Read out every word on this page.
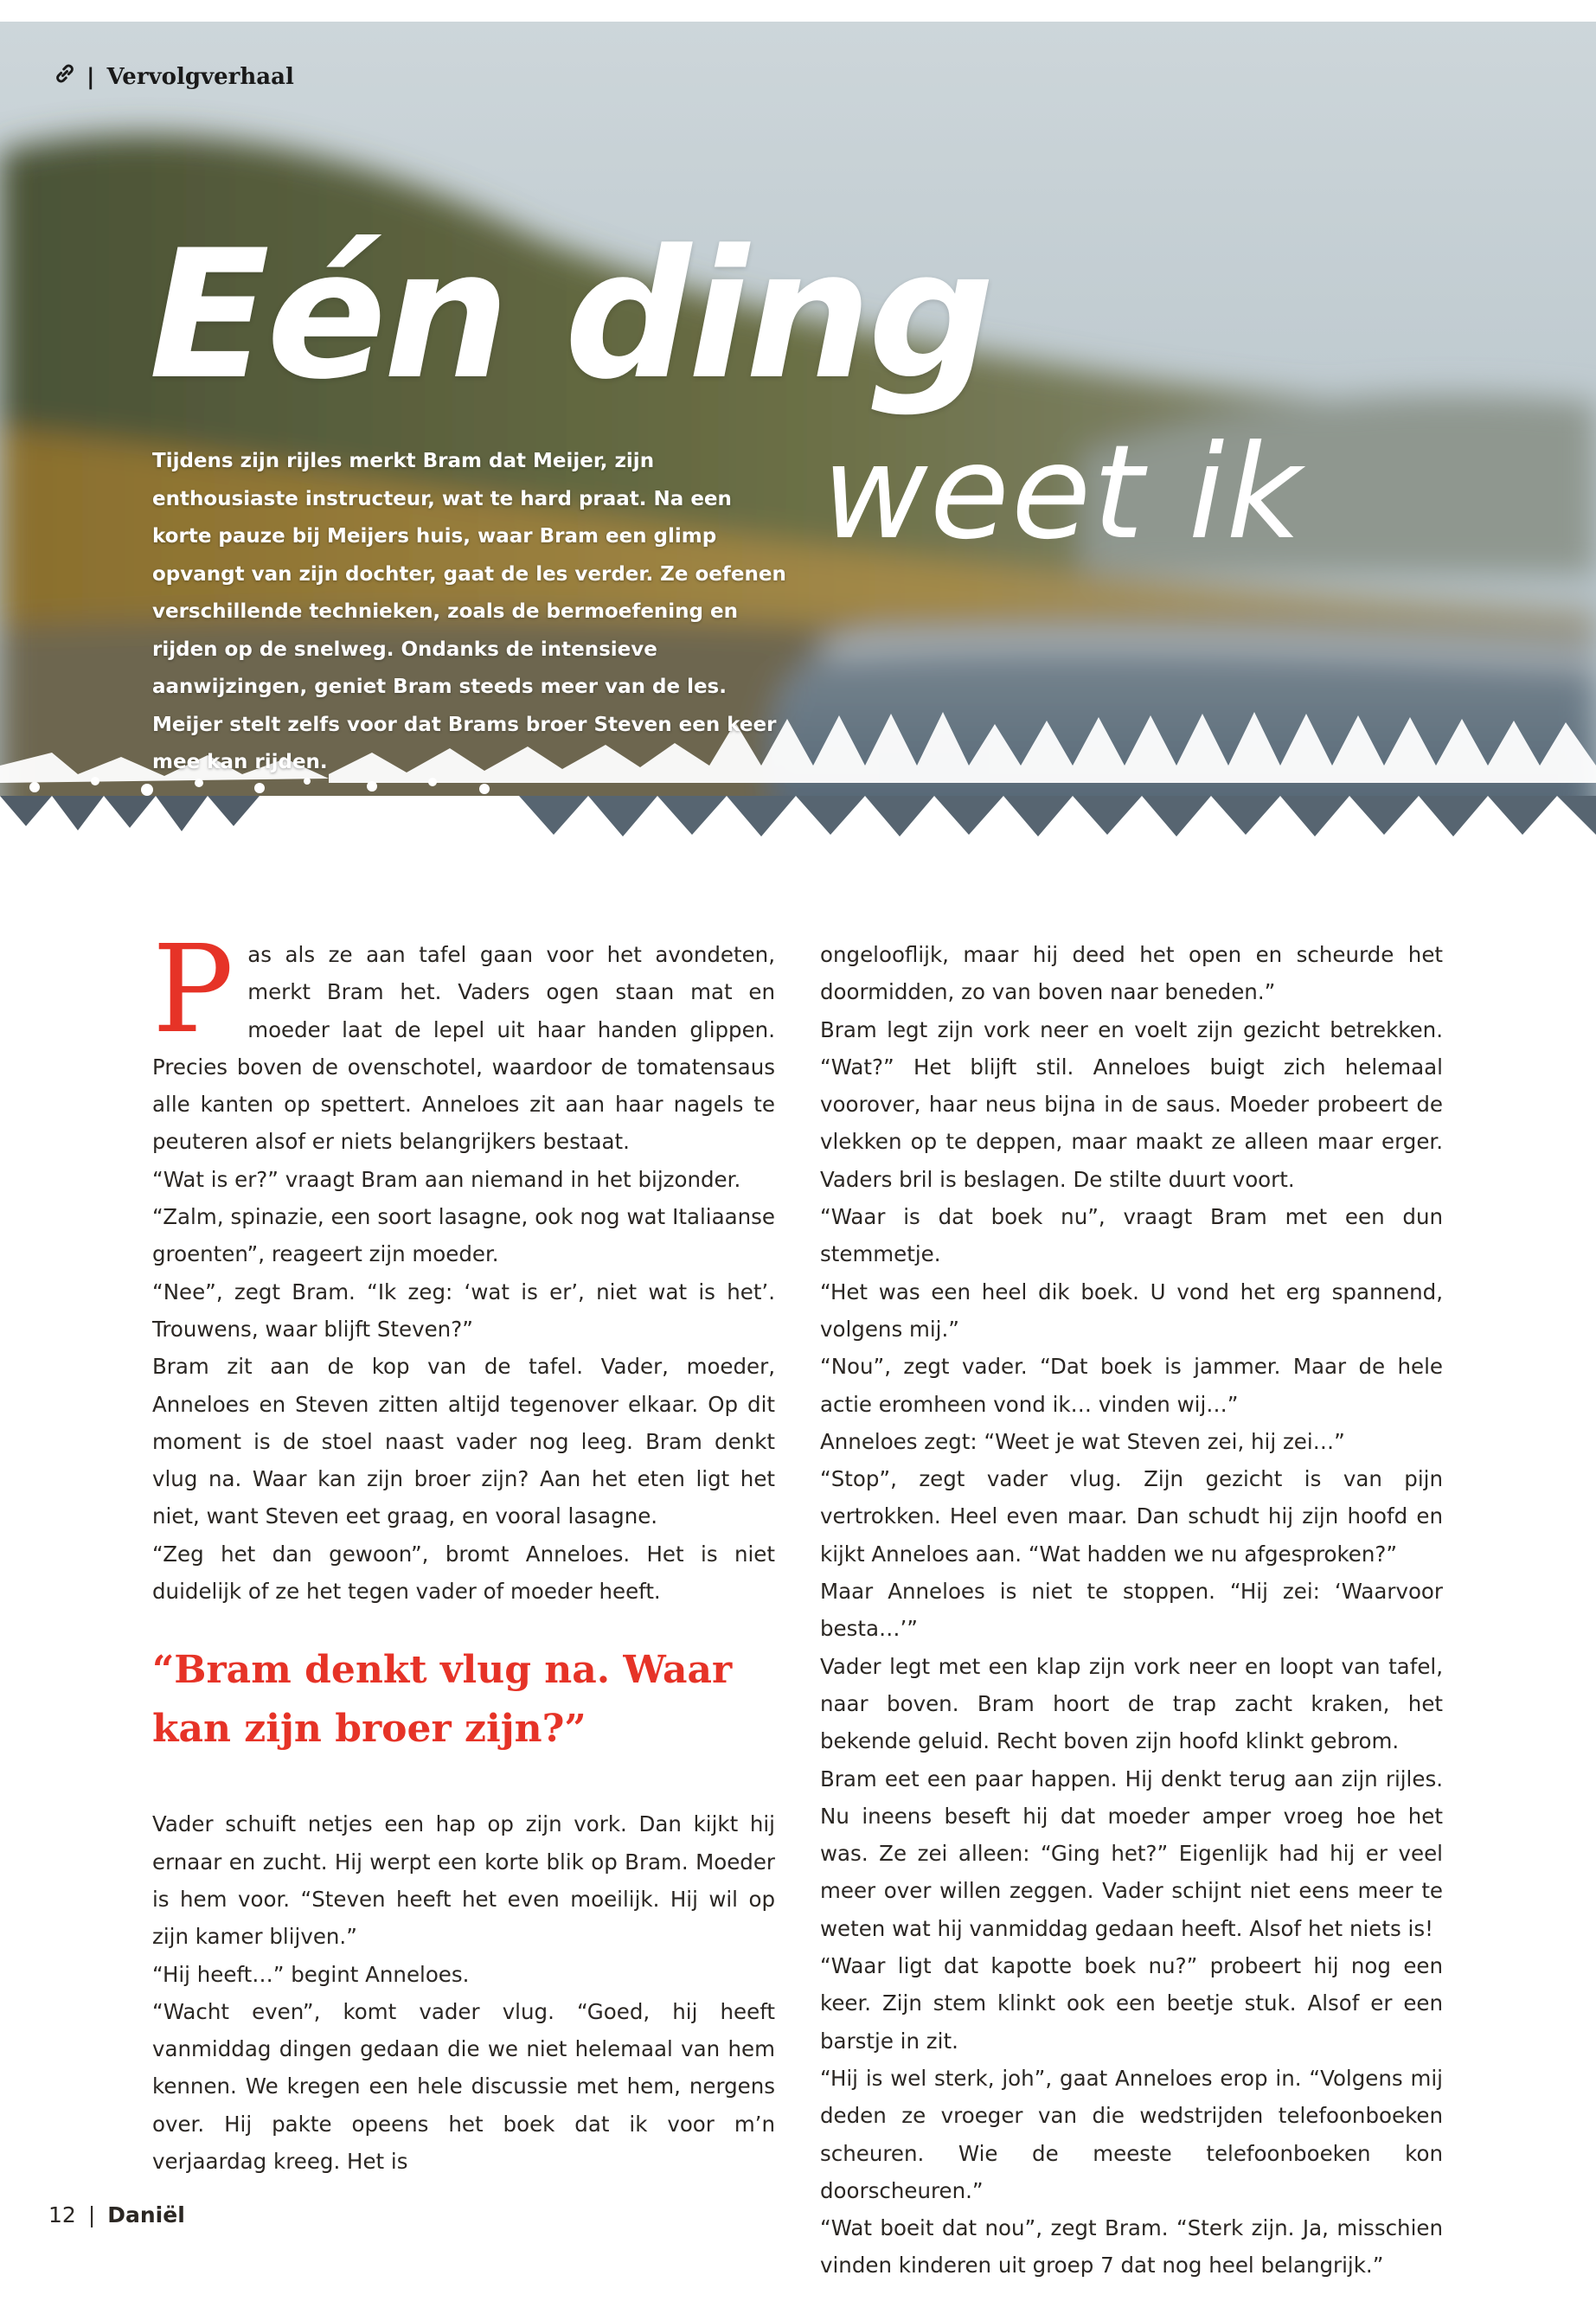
| Vervolgverhaal
Eén ding
weet ik

Tijdens zijn rijles merkt Bram dat Meijer, zijn enthousiaste instructeur, wat te hard praat. Na een korte pauze bij Meijers huis, waar Bram een glimp opvangt van zijn dochter, gaat de les verder. Ze oefenen verschillende technieken, zoals de bermoefening en rijden op de snelweg. Ondanks de intensieve aanwijzingen, geniet Bram steeds meer van de les. Meijer stelt zelfs voor dat Brams broer Steven een keer mee kan rijden.

Pas als ze aan tafel gaan voor het avondeten, merkt Bram het. Vaders ogen staan mat en moeder laat de lepel uit haar handen glippen. Precies boven de ovenschotel, waardoor de tomatensaus alle kanten op spettert. Anneloes zit aan haar nagels te peuteren alsof er niets belangrijkers bestaat.

“Wat is er?” vraagt Bram aan niemand in het bijzonder.

“Zalm, spinazie, een soort lasagne, ook nog wat Italiaanse groenten”, reageert zijn moeder.

“Nee”, zegt Bram. “Ik zeg: ‘wat is er’, niet wat is het’. Trouwens, waar blijft Steven?”

Bram zit aan de kop van de tafel. Vader, moeder, Anneloes en Steven zitten altijd tegenover elkaar. Op dit moment is de stoel naast vader nog leeg. Bram denkt vlug na. Waar kan zijn broer zijn? Aan het eten ligt het niet, want Steven eet graag, en vooral lasagne.

“Zeg het dan gewoon”, bromt Anneloes. Het is niet duidelijk of ze het tegen vader of moeder heeft.

“Bram denkt vlug na. Waar kan zijn broer zijn?”

Vader schuift netjes een hap op zijn vork. Dan kijkt hij ernaar en zucht. Hij werpt een korte blik op Bram. Moeder is hem voor. “Steven heeft het even moeilijk. Hij wil op zijn kamer blijven.”

“Hij heeft…” begint Anneloes.

“Wacht even”, komt vader vlug. “Goed, hij heeft vanmiddag dingen gedaan die we niet helemaal van hem kennen. We kregen een hele discussie met hem, nergens over. Hij pakte opeens het boek dat ik voor m’n verjaardag kreeg. Het is

ongelooflijk, maar hij deed het open en scheurde het doormidden, zo van boven naar beneden.”

Bram legt zijn vork neer en voelt zijn gezicht betrekken. “Wat?” Het blijft stil. Anneloes buigt zich helemaal voorover, haar neus bijna in de saus. Moeder probeert de vlekken op te deppen, maar maakt ze alleen maar erger. Vaders bril is beslagen. De stilte duurt voort.

“Waar is dat boek nu”, vraagt Bram met een dun stemmetje.

“Het was een heel dik boek. U vond het erg spannend, volgens mij.”

“Nou”, zegt vader. “Dat boek is jammer. Maar de hele actie eromheen vond ik… vinden wij…”

Anneloes zegt: “Weet je wat Steven zei, hij zei…”

“Stop”, zegt vader vlug. Zijn gezicht is van pijn vertrokken. Heel even maar. Dan schudt hij zijn hoofd en kijkt Anneloes aan. “Wat hadden we nu afgesproken?”

Maar Anneloes is niet te stoppen. “Hij zei: ‘Waarvoor besta…’”

Vader legt met een klap zijn vork neer en loopt van tafel, naar boven. Bram hoort de trap zacht kraken, het bekende geluid. Recht boven zijn hoofd klinkt gebrom.

Bram eet een paar happen. Hij denkt terug aan zijn rijles. Nu ineens beseft hij dat moeder amper vroeg hoe het was. Ze zei alleen: “Ging het?” Eigenlijk had hij er veel meer over willen zeggen. Vader schijnt niet eens meer te weten wat hij vanmiddag gedaan heeft. Alsof het niets is!

“Waar ligt dat kapotte boek nu?” probeert hij nog een keer. Zijn stem klinkt ook een beetje stuk. Alsof er een barstje in zit.

“Hij is wel sterk, joh”, gaat Anneloes erop in. “Volgens mij deden ze vroeger van die wedstrijden telefoonboeken scheuren. Wie de meeste telefoonboeken kon doorscheuren.”

“Wat boeit dat nou”, zegt Bram. “Sterk zijn. Ja, misschien vinden kinderen uit groep 7 dat nog heel belangrijk.”

12 | Daniël
